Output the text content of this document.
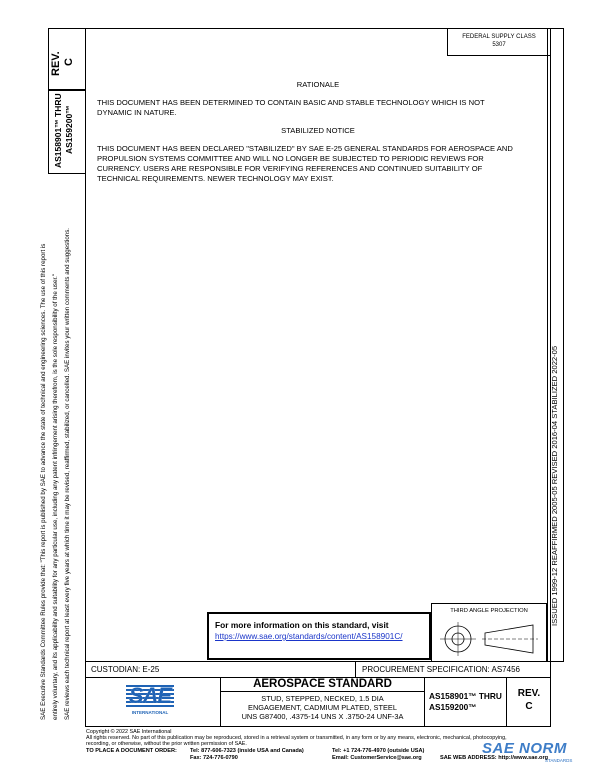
SAE Executive Standards Committee Rules provide that: "This report is published by SAE to advance the state of technical and engineering sciences. The use of this report is entirely voluntary, and its applicability and suitability for any particular use, including any patent infringement arising therefrom, is the sole responsibility of the user." SAE reviews each technical report at least every five years at which time it may be revised, reaffirmed, stabilized, or cancelled. SAE invites your written comments and suggestions.
REV. C
AS158901™ THRU AS159200™
FEDERAL SUPPLY CLASS
5307
RATIONALE
THIS DOCUMENT HAS BEEN DETERMINED TO CONTAIN BASIC AND STABLE TECHNOLOGY WHICH IS NOT
DYNAMIC IN NATURE.
STABILIZED NOTICE
THIS DOCUMENT HAS BEEN DECLARED "STABILIZED" BY SAE E-25 GENERAL STANDARDS FOR AEROSPACE AND
PROPULSION SYSTEMS COMMITTEE AND WILL NO LONGER BE SUBJECTED TO PERIODIC REVIEWS FOR
CURRENCY. USERS ARE RESPONSIBLE FOR VERIFYING REFERENCES AND CONTINUED SUITABILITY OF
TECHNICAL REQUIREMENTS. NEWER TECHNOLOGY MAY EXIST.
ISSUED 1999-12 REAFFIRMED 2005-05 REVISED 2016-04 STABILIZED 2022-05
For more information on this standard, visit
https://www.sae.org/standards/content/AS158901C/
THIRD ANGLE PROJECTION
CUSTODIAN: E-25	PROCUREMENT SPECIFICATION: AS7456
SAE
INTERNATIONAL
AEROSPACE STANDARD
STUD, STEPPED, NECKED, 1.5 DIA
ENGAGEMENT, CADMIUM PLATED, STEEL
UNS G87400, .4375-14 UNS X .3750-24 UNF-3A
AS158901™ THRU
AS159200™
REV.
C
Copyright © 2022 SAE International
All rights reserved. No part of this publication may be reproduced, stored in a retrieval system or transmitted, in any form or by any means, electronic, mechanical, photocopying,
recording, or otherwise, without the prior written permission of SAE.
TO PLACE A DOCUMENT ORDER: Tel: 877-606-7323 (inside USA and Canada)
Fax: 724-776-0790
Tel: +1 724-776-4970 (outside USA)
Email: CustomerService@sae.org	SAE WEB ADDRESS: http://www.sae.org
SAE NORM
STANDARDS
